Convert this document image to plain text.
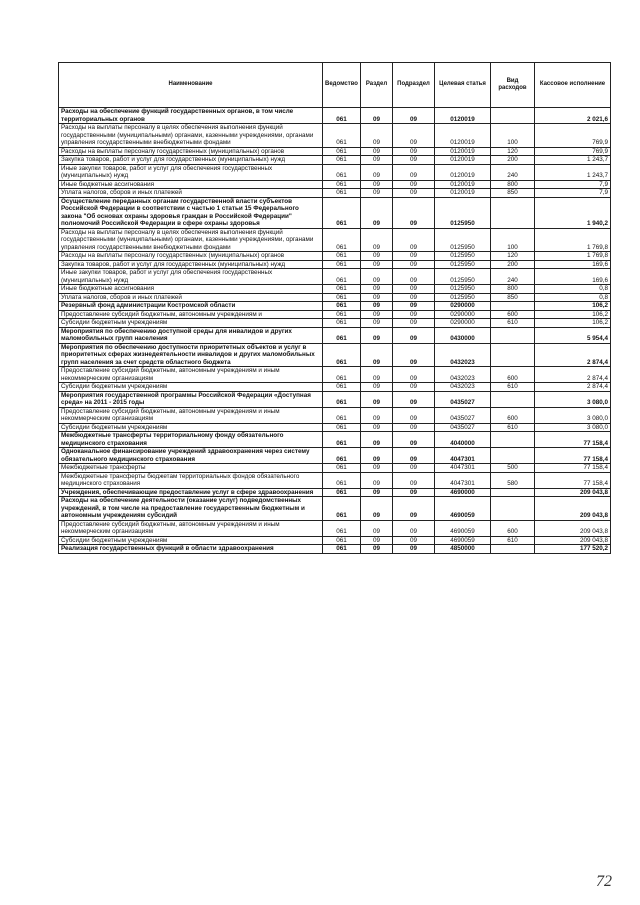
Наименование	Ведомство	Раздел	Подраздел	Целевая статья	Вид расходов	Кассовое исполнение
Расходы на обеспечение функций государственных органов, в том числе территориальных органов	061	09	09	0120019		2 021,6
Расходы на выплаты персоналу в целях обеспечения выполнения функций государственными (муниципальными) органами, казенными учреждениями, органами управления государственными внебюджетными фондами	061	09	09	0120019	100	769,9
Расходы на выплаты персоналу государственных (муниципальных) органов	061	09	09	0120019	120	769,9
Закупка товаров, работ и услуг для государственных (муниципальных) нужд	061	09	09	0120019	200	1 243,7
Иные закупки товаров, работ и услуг для обеспечения государственных (муниципальных) нужд	061	09	09	0120019	240	1 243,7
Иные бюджетные ассигнования	061	09	09	0120019	800	7,9
Уплата налогов, сборов и иных платежей	061	09	09	0120019	850	7,9
Осуществление переданных органам государственной власти субъектов Российской Федерации в соответствии с частью 1 статьи 15 Федерального закона "Об основах охраны здоровья граждан в Российской Федерации" полномочий Российской Федерации в сфере охраны здоровья	061	09	09	0125950		1 940,2
Расходы на выплаты персоналу в целях обеспечения выполнения функций государственными (муниципальными) органами, казенными учреждениями, органами управления государственными внебюджетными фондами	061	09	09	0125950	100	1 769,8
Расходы на выплаты персоналу государственных (муниципальных) органов	061	09	09	0125950	120	1 769,8
Закупка товаров, работ и услуг для государственных (муниципальных) нужд	061	09	09	0125950	200	169,6
Иные закупки товаров, работ и услуг для обеспечения государственных (муниципальных) нужд	061	09	09	0125950	240	169,6
Иные бюджетные ассигнования	061	09	09	0125950	800	0,8
Уплата налогов, сборов и иных платежей	061	09	09	0125950	850	0,8
Резервный фонд администрации Костромской области	061	09	09	0290000		106,2
Предоставление субсидий бюджетным, автономным учреждениям и	061	09	09	0290000	600	106,2
Субсидии бюджетным учреждениям	061	09	09	0290000	610	106,2
Мероприятия по обеспечению доступной среды для инвалидов и других маломобильных групп населения	061	09	09	0430000		5 954,4
Мероприятия по обеспечению доступности приоритетных объектов и услуг в приоритетных сферах жизнедеятельности инвалидов и других маломобильных групп населения за счет средств областного бюджета	061	09	09	0432023		2 874,4
Предоставление субсидий бюджетным, автономным учреждениям и иным некоммерческим организациям	061	09	09	0432023	600	2 874,4
Субсидии бюджетным учреждениям	061	09	09	0432023	610	2 874,4
Мероприятия государственной программы Российской Федерации «Доступная среда» на 2011 - 2015 годы	061	09	09	0435027		3 080,0
Предоставление субсидий бюджетным, автономным учреждениям и иным некоммерческим организациям	061	09	09	0435027	600	3 080,0
Субсидии бюджетным учреждениям	061	09	09	0435027	610	3 080,0
Межбюджетные трансферты территориальному фонду обязательного медицинского страхования	061	09	09	4040000		77 158,4
Одноканальное финансирование учреждений здравоохранения через систему обязательного медицинского страхования	061	09	09	4047301		77 158,4
Межбюджетные трансферты	061	09	09	4047301	500	77 158,4
Межбюджетные трансферты бюджетам территориальных фондов обязательного медицинского страхования	061	09	09	4047301	580	77 158,4
Учреждения, обеспечивающие предоставление услуг в сфере здравоохранения	061	09	09	4690000		209 043,8
Расходы на обеспечение деятельности (оказание услуг) подведомственных учреждений, в том числе на предоставление государственным бюджетным и автономным учреждениям субсидий	061	09	09	4690059		209 043,8
Предоставление субсидий бюджетным, автономным учреждениям и иным некоммерческим организациям	061	09	09	4690059	600	209 043,8
Субсидии бюджетным учреждениям	061	09	09	4690059	610	209 043,8
Реализация государственных функций в области здравоохранения	061	09	09	4850000		177 520,2
72
